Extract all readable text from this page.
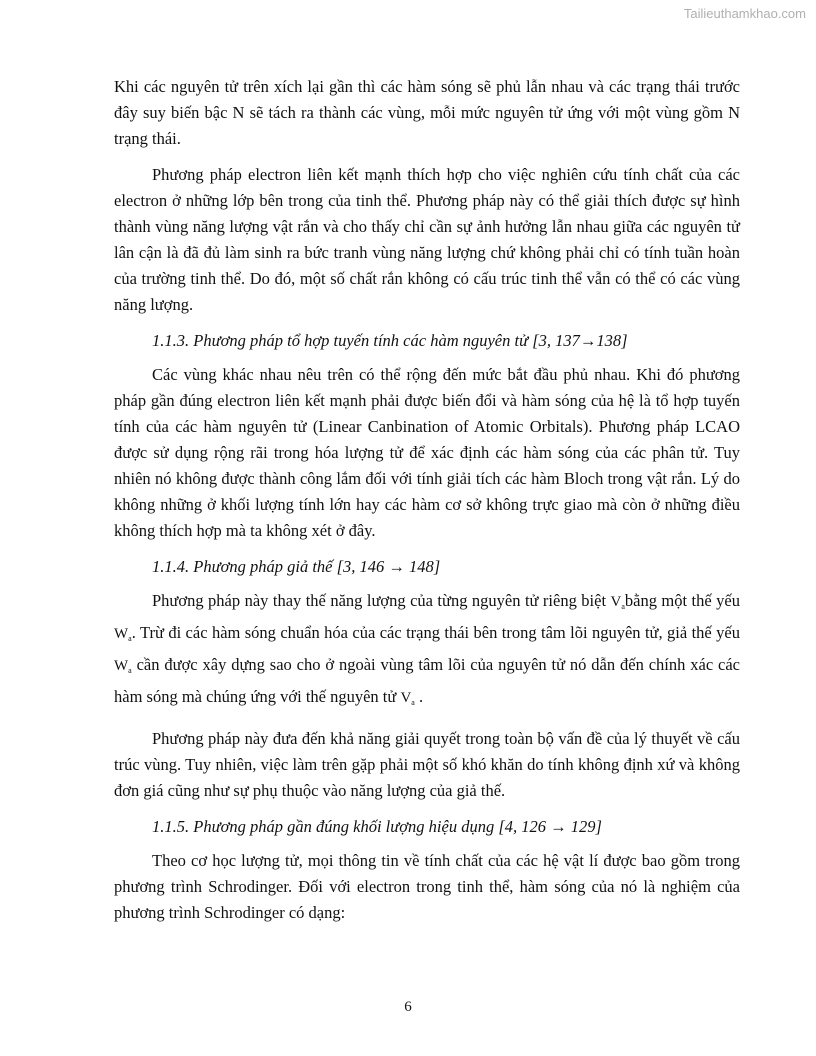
Tailieuthamkhao.com

Khi các nguyên tử trên xích lại gần thì các hàm sóng sẽ phủ lẫn nhau và các trạng thái trước đây suy biến bậc N sẽ tách ra thành các vùng, mỗi mức nguyên tử ứng với một vùng gồm N trạng thái.

Phương pháp electron liên kết mạnh thích hợp cho việc nghiên cứu tính chất của các electron ở những lớp bên trong của tinh thể. Phương pháp này có thể giải thích được sự hình thành vùng năng lượng vật rắn và cho thấy chỉ cần sự ảnh hưởng lẫn nhau giữa các nguyên tử lân cận là đã đủ làm sinh ra bức tranh vùng năng lượng chứ không phải chỉ có tính tuần hoàn của trường tinh thể. Do đó, một số chất rắn không có cấu trúc tinh thể vẫn có thể có các vùng năng lượng.

1.1.3. Phương pháp tổ hợp tuyến tính các hàm nguyên tử [3, 137→138]

Các vùng khác nhau nêu trên có thể rộng đến mức bắt đầu phủ nhau. Khi đó phương pháp gần đúng electron liên kết mạnh phải được biến đổi và hàm sóng của hệ là tổ hợp tuyến tính của các hàm nguyên tử (Linear Canbination of Atomic Orbitals). Phương pháp LCAO được sử dụng rộng rãi trong hóa lượng tử để xác định các hàm sóng của các phân tử. Tuy nhiên nó không được thành công lắm đối với tính giải tích các hàm Bloch trong vật rắn. Lý do không những ở khối lượng tính lớn hay các hàm cơ sở không trực giao mà còn ở những điều không thích hợp mà ta không xét ở đây.

1.1.4. Phương pháp giả thế [3, 146 → 148]

Phương pháp này thay thế năng lượng của từng nguyên tử riêng biệt $V_abằng$ một thế yếu $W_a$. Trừ đi các hàm sóng chuẩn hóa của các trạng thái bên trong tâm lõi nguyên tử, giả thế yếu $W_a$ cần được xây dựng sao cho ở ngoài vùng tâm lõi của nguyên tử nó dẫn đến chính xác các hàm sóng mà chúng ứng với thế nguyên tử $V_a$ .

Phương pháp này đưa đến khả năng giải quyết trong toàn bộ vấn đề của lý thuyết về cấu trúc vùng. Tuy nhiên, việc làm trên gặp phải một số khó khăn do tính không định xứ và không đơn giá cũng như sự phụ thuộc vào năng lượng của giả thế.

1.1.5. Phương pháp gần đúng khối lượng hiệu dụng [4, 126 → 129]

Theo cơ học lượng tử, mọi thông tin về tính chất của các hệ vật lí được bao gồm trong phương trình Schrodinger. Đối với electron trong tinh thể, hàm sóng của nó là nghiệm của phương trình Schrodinger có dạng:

6
